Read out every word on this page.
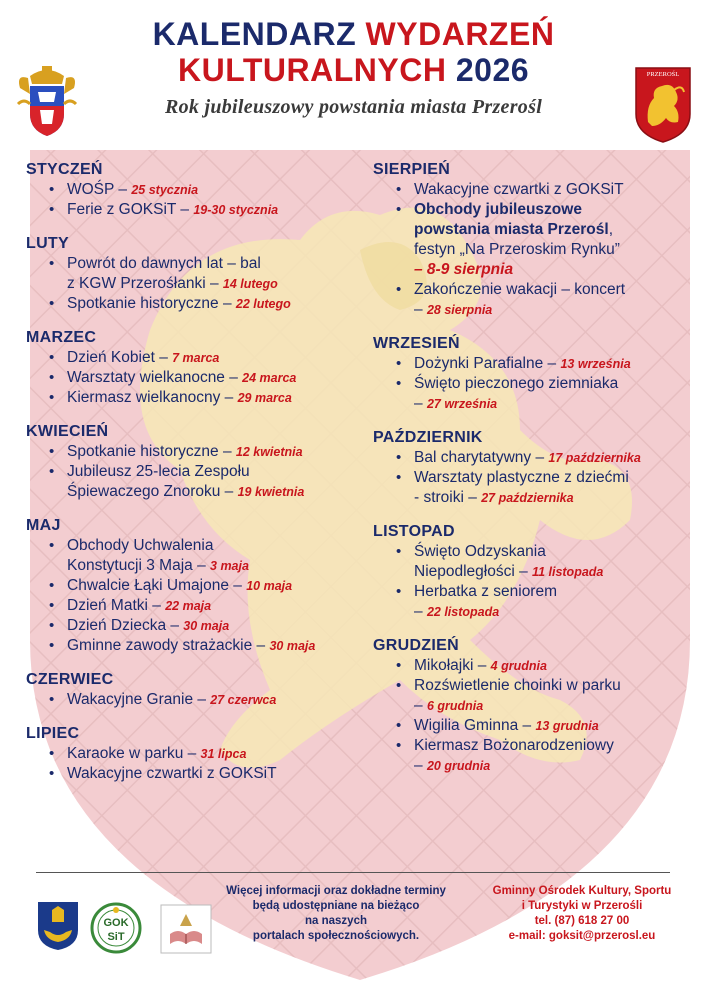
KALENDARZ WYDARZEŃ
KULTURALNYCH 2026
Rok jubileuszowy powstania miasta Przerośl
PRZEROŚL
STYCZEŃ
• WOŚP – 25 stycznia
• Ferie z GOKSiT – 19-30 stycznia
LUTY
• Powrót do dawnych lat – bal
z KGW Przerośłanki – 14 lutego
• Spotkanie historyczne – 22 lutego
MARZEC
• Dzień Kobiet – 7 marca
• Warsztaty wielkanocne – 24 marca
• Kiermasz wielkanocny – 29 marca
KWIECIEŃ
• Spotkanie historyczne – 12 kwietnia
• Jubileusz 25-lecia Zespołu
Śpiewaczego Znoroku – 19 kwietnia
MAJ
• Obchody Uchwalenia
Konstytucji 3 Maja – 3 maja
• Chwalcie Łąki Umajone – 10 maja
• Dzień Matki – 22 maja
• Dzień Dziecka – 30 maja
• Gminne zawody strażackie – 30 maja
CZERWIEC
• Wakacyjne Granie – 27 czerwca
LIPIEC
• Karaoke w parku – 31 lipca
• Wakacyjne czwartki z GOKSiT
SIERPIEŃ
• Wakacyjne czwartki z GOKSiT
• Obchody jubileuszowe
powstania miasta Przerośl,
festyn „Na Przeroskim Rynku”
– 8-9 sierpnia
• Zakończenie wakacji – koncert
– 28 sierpnia
WRZESIEŃ
• Dożynki Parafialne – 13 września
• Święto pieczonego ziemniaka
– 27 września
PAŹDZIERNIK
• Bal charytatywny – 17 października
• Warsztaty plastyczne z dziećmi
- stroiki – 27 października
LISTOPAD
• Święto Odzyskania
Niepodległości – 11 listopada
• Herbatka z seniorem
– 22 listopada
GRUDZIEŃ
• Mikołajki – 4 grudnia
• Rozświetlenie choinki w parku
– 6 grudnia
• Wigilia Gminna – 13 grudnia
• Kiermasz Bożonarodzeniowy
– 20 grudnia
GOK
SiT
Więcej informacji oraz dokładne terminy
będą udostępniane na bieżąco
na naszych
portalach społecznościowych.
Gminny Ośrodek Kultury, Sportu
i Turystyki w Przerośli
tel. (87) 618 27 00
e-mail: goksit@przerosl.eu
